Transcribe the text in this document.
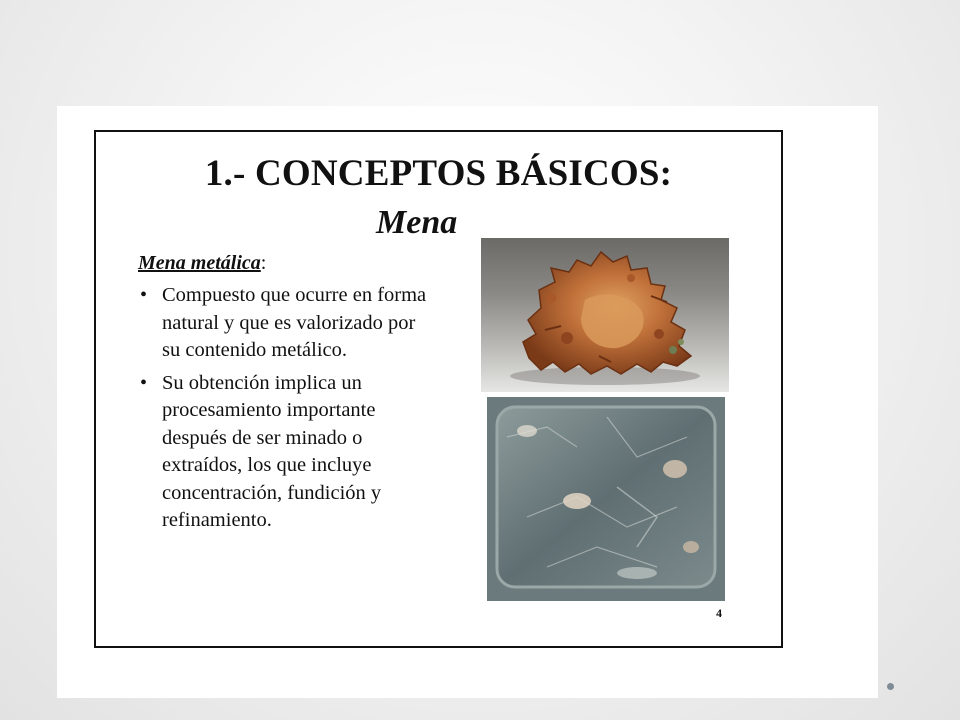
1.- CONCEPTOS BÁSICOS:
Mena

Mena metálica:

• Compuesto que ocurre en forma natural y que es valorizado por su contenido metálico.
• Su obtención implica un procesamiento importante después de ser minado o extraídos, los que incluye concentración, fundición y refinamiento.
4
